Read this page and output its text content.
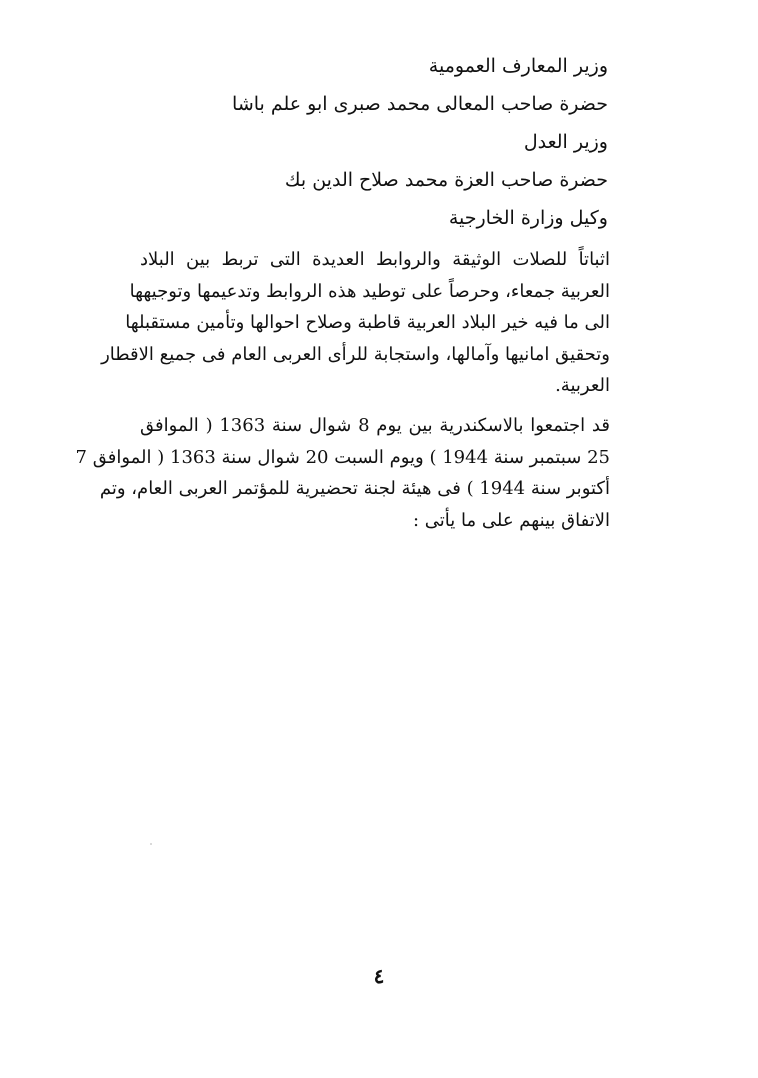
وزير المعارف العمومية
حضرة صاحب المعالى محمد صبرى ابو علم باشا
وزير العدل
حضرة صاحب العزة محمد صلاح الدين بك
وكيل وزارة الخارجية
اثباتاً للصلات الوثيقة والروابط العديدة التى تربط بين البلاد
العربية جمعاء، وحرصاً على توطيد هذه الروابط وتدعيمها وتوجيهها
الى ما فيه خير البلاد العربية قاطبة وصلاح احوالها وتأمين مستقبلها
وتحقيق امانيها وآمالها، واستجابة للرأى العربى العام فى جميع الاقطار
العربية.
قد اجتمعوا بالاسكندرية بين يوم 8 شوال سنة 1363 ( الموافق
25 سبتمبر سنة 1944 ) ويوم السبت 20 شوال سنة 1363 ( الموافق 7
أكتوبر سنة 1944 ) فى هيئة لجنة تحضيرية للمؤتمر العربى العام، وتم
الاتفاق بينهم على ما يأتى :
٤
